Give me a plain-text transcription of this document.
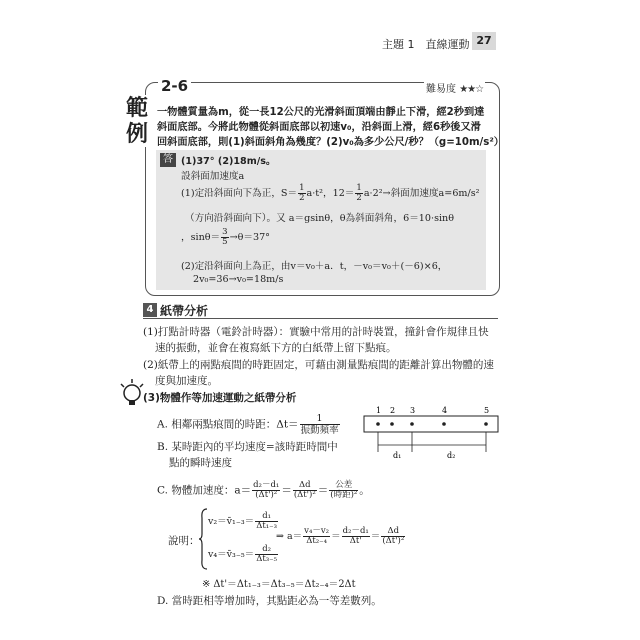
主題 1　直線運動 27
範
例
2-6	難易度 ★★☆
一物體質量為m，從一長12公尺的光滑斜面頂端由靜止下滑，經2秒到達
斜面底部。今將此物體從斜面底部以初速v₀，沿斜面上滑，經6秒後又滑
回斜面底部，則(1)斜面斜角為幾度？(2)v₀為多少公尺/秒？（g=10m/s²）
答 (1)37° (2)18m/s。
設斜面加速度a
(1)定沿斜面向下為正，$S= \frac{1}{2} a\cdot t^2$，$12= \frac{1}{2} a\cdot 2^2\to$斜面加速度a=6m/s²
（方向沿斜面向下）。又 a＝gsinθ，θ為斜面斜角，6＝10·sinθ
，$\sin\theta= \frac{3}{5} \to\theta=37^\circ$
(2)定沿斜面向上為正，由v＝v₀＋a．t，－v₀＝v₀＋(－6)×6，
2v₀=36→v₀=18m/s
4 紙帶分析
(1)打點計時器（電鈴計時器）：實驗中常用的計時裝置，撞針會作規律且快
速的振動，並會在複寫紙下方的白紙帶上留下點痕。
(2)紙帶上的兩點痕間的時距固定，可藉由測量點痕間的距離計算出物體的速
度與加速度。
(3)物體作等加速運動之紙帶分析
A. 相鄰兩點痕間的時距：Δt＝	1
振動頻率
1 2 3	4	5
d₁	d₂
B. 某時距內的平均速度=該時距時間中
點的瞬時速度
C. 物體加速度：$a= \frac{\text{d₂－d₁}}{\text{(Δt')²}} = \frac{\Delta d}{\text{(Δt')²}}$ ＝ 公差
(時距)² 。
說明：
v₂＝v̄₁₋₃＝ $\frac{\text{d₁}}{\text{Δt₁₋₃}}$
v₄＝v̄₃₋₅＝ $\frac{\text{d₂}}{\text{Δt₃₋₅}}$
⇒ $a= \frac{\text{v₄－v₂}}{\text{Δt₂₋₄}} = \frac{\text{d₂－d₁}}{\Delta t'} = \frac{\Delta d}{\text{(Δt')²}}$
※ Δt'＝Δt₁₋₃＝Δt₃₋₅＝Δt₂₋₄＝2Δt
D. 當時距相等增加時，其點距必為一等差數列。
